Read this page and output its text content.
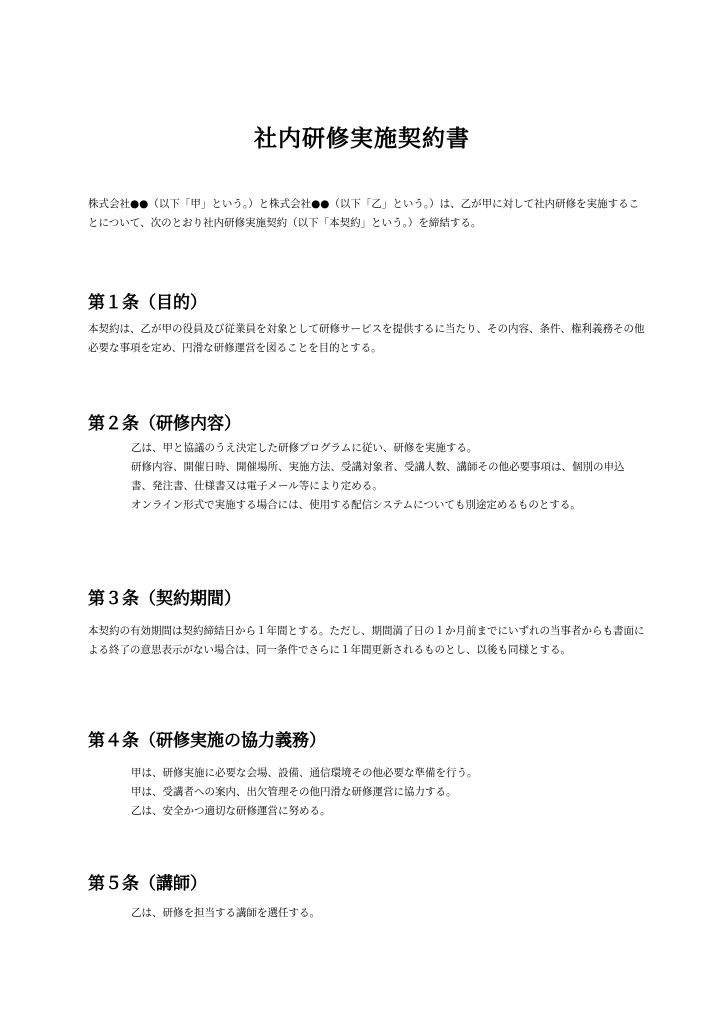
社内研修実施契約書

株式会社●●（以下「甲」という。）と株式会社●●（以下「乙」という。）は、乙が甲に対して社内研修を実施することについて、次のとおり社内研修実施契約（以下「本契約」という。）を締結する。

第１条（目的）

本契約は、乙が甲の役員及び従業員を対象として研修サービスを提供するに当たり、その内容、条件、権利義務その他必要な事項を定め、円滑な研修運営を図ることを目的とする。

第２条（研修内容）
乙は、甲と協議のうえ決定した研修プログラムに従い、研修を実施する。
研修内容、開催日時、開催場所、実施方法、受講対象者、受講人数、講師その他必要事項は、個別の申込書、発注書、仕様書又は電子メール等により定める。
オンライン形式で実施する場合には、使用する配信システムについても別途定めるものとする。
第３条（契約期間）

本契約の有効期間は契約締結日から１年間とする。ただし、期間満了日の１か月前までにいずれの当事者からも書面による終了の意思表示がない場合は、同一条件でさらに１年間更新されるものとし、以後も同様とする。

第４条（研修実施の協力義務）
甲は、研修実施に必要な会場、設備、通信環境その他必要な準備を行う。
甲は、受講者への案内、出欠管理その他円滑な研修運営に協力する。
乙は、安全かつ適切な研修運営に努める。
第５条（講師）
乙は、研修を担当する講師を選任する。
